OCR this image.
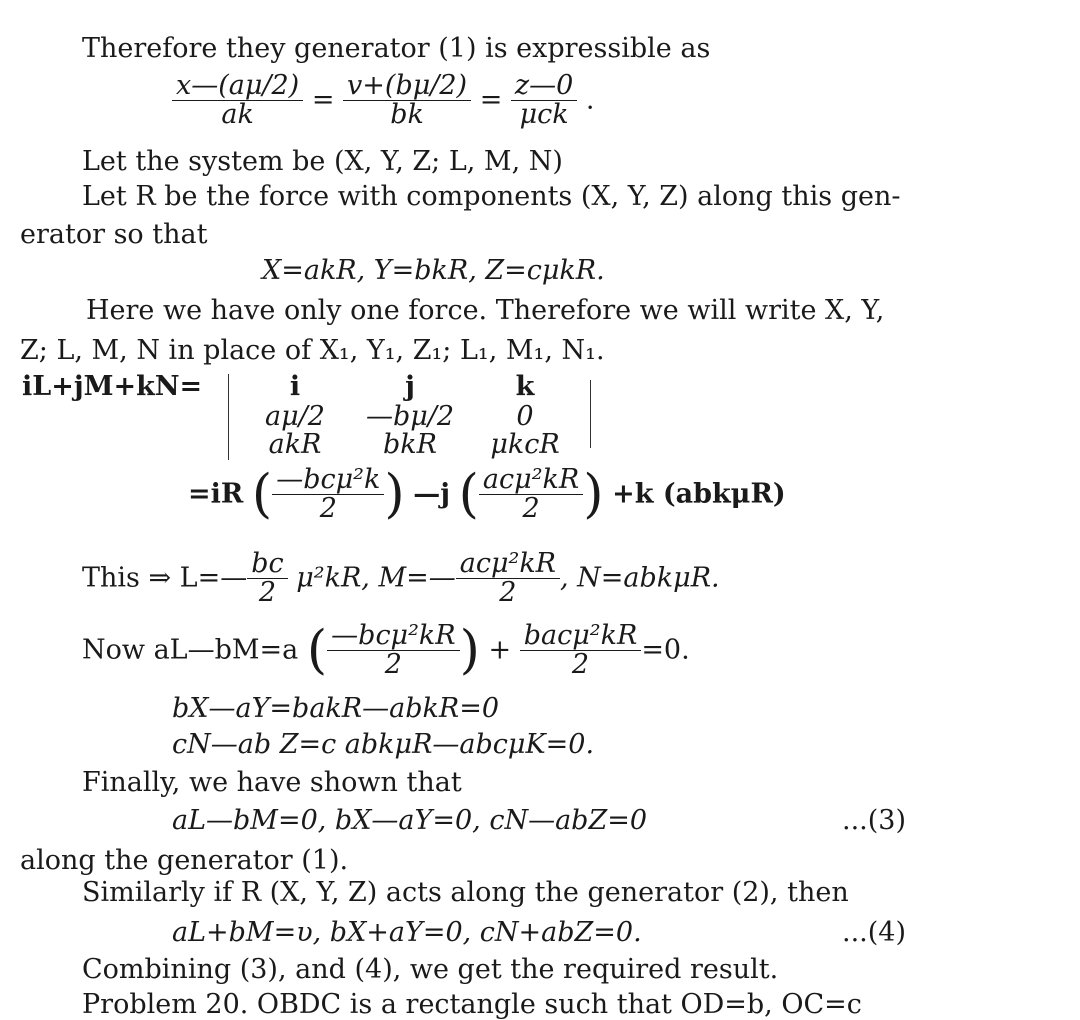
Therefore they generator (1) is expressible as
$\frac{x—(a\mu/2)}{ak} = \frac{v+(b\mu/2)}{bk} = \frac{z—0}{\text{μck}}$ .
Let the system be (X, Y, Z; L, M, N)
Let R be the force with components (X, Y, Z) along this gen-
erator so that
X=akR, Y=bkR, Z=cμkR.
Here we have only one force. Therefore we will write X, Y,
Z; L, M, N in place of X₁, Y₁, Z₁; L₁, M₁, N₁.
iL+jM+kN=	i	j	k
aμ/2	—bμ/2	0
akR	bkR	μkcR
=iR ( $\frac{\text{—bcμ²k}}{2}$ ) —j ( $\frac{\text{acμ²kR}}{2}$ ) +k (abkμR)
This ⇒ L=— $\frac{bc}{2} \mu^2kR$, M=— $\frac{\text{acμ²kR}}{2}$ , N=abkμR.
Now aL—bM=a ( $\frac{\text{—bcμ²kR}}{2}$ ) + $\frac{\text{bacμ²kR}}{2} =0$.
bX—aY=bakR—abkR=0
cN—ab Z=c abkμR—abcμK=0.
Finally, we have shown that
aL—bM=0, bX—aY=0, cN—abZ=0	...(3)
along the generator (1).
Similarly if R (X, Y, Z) acts along the generator (2), then
aL+bM=υ, bX+aY=0, cN+abZ=0.	...(4)
Combining (3), and (4), we get the required result.
Problem 20. OBDC is a rectangle such that OD=b, OC=c
